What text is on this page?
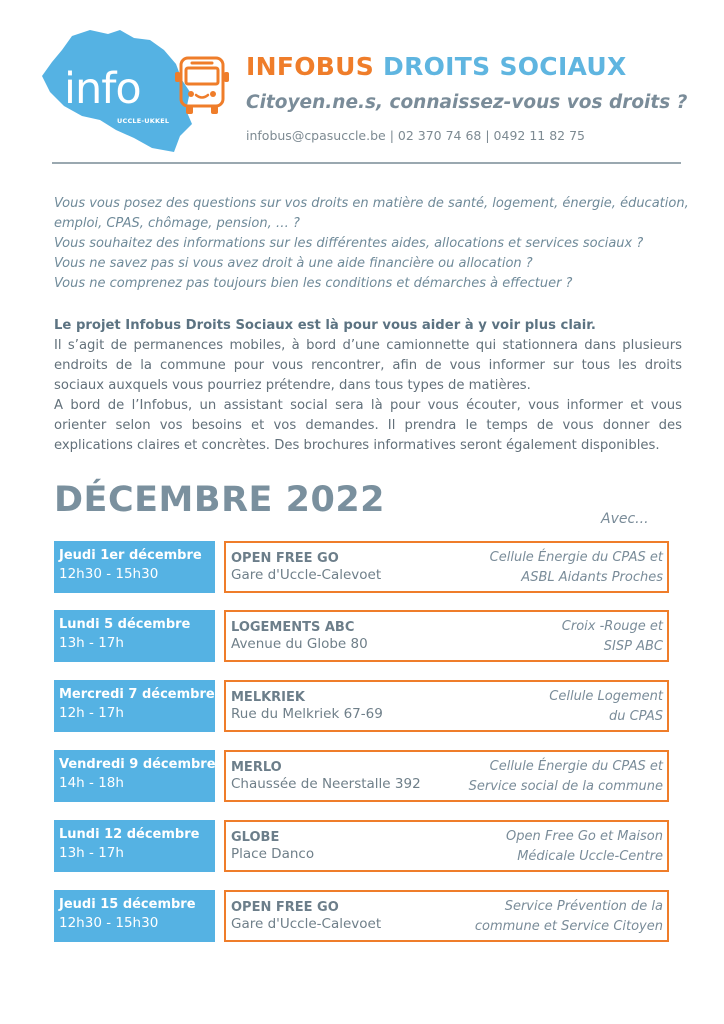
info
UCCLE-UKKEL
INFOBUS DROITS SOCIAUX
Citoyen.ne.s, connaissez-vous vos droits ?
infobus@cpasuccle.be | 02 370 74 68 | 0492 11 82 75

Vous vous posez des questions sur vos droits en matière de santé, logement, énergie, éducation,

emploi, CPAS, chômage, pension, … ?

Vous souhaitez des informations sur les différentes aides, allocations et services sociaux ?

Vous ne savez pas si vous avez droit à une aide financière ou allocation ?

Vous ne comprenez pas toujours bien les conditions et démarches à effectuer ?

Le projet Infobus Droits Sociaux est là pour vous aider à y voir plus clair.

Il s’agit de permanences mobiles, à bord d’une camionnette qui stationnera dans plusieurs endroits de la commune pour vous rencontrer, afin de vous informer sur tous les droits sociaux auxquels vous pourriez prétendre, dans tous types de matières.

A bord de l’Infobus, un assistant social sera là pour vous écouter, vous informer et vous orienter selon vos besoins et vos demandes. Il prendra le temps de vous donner des explications claires et concrètes. Des brochures informatives seront également disponibles.

DÉCEMBRE 2022	Avec...
Jeudi 1er décembre
12h30 - 15h30
OPEN FREE GO
Gare d'Uccle-Calevoet
Cellule Énergie du CPAS et
ASBL Aidants Proches
Lundi 5 décembre
13h - 17h
LOGEMENTS ABC
Avenue du Globe 80
Croix -Rouge et
SISP ABC
Mercredi 7 décembre
12h - 17h
MELKRIEK
Rue du Melkriek 67-69
Cellule Logement
du CPAS
Vendredi 9 décembre
14h - 18h
MERLO
Chaussée de Neerstalle 392
Cellule Énergie du CPAS et
Service social de la commune
Lundi 12 décembre
13h - 17h
GLOBE
Place Danco
Open Free Go et Maison
Médicale Uccle-Centre
Jeudi 15 décembre
12h30 - 15h30
OPEN FREE GO
Gare d'Uccle-Calevoet
Service Prévention de la
commune et Service Citoyen
